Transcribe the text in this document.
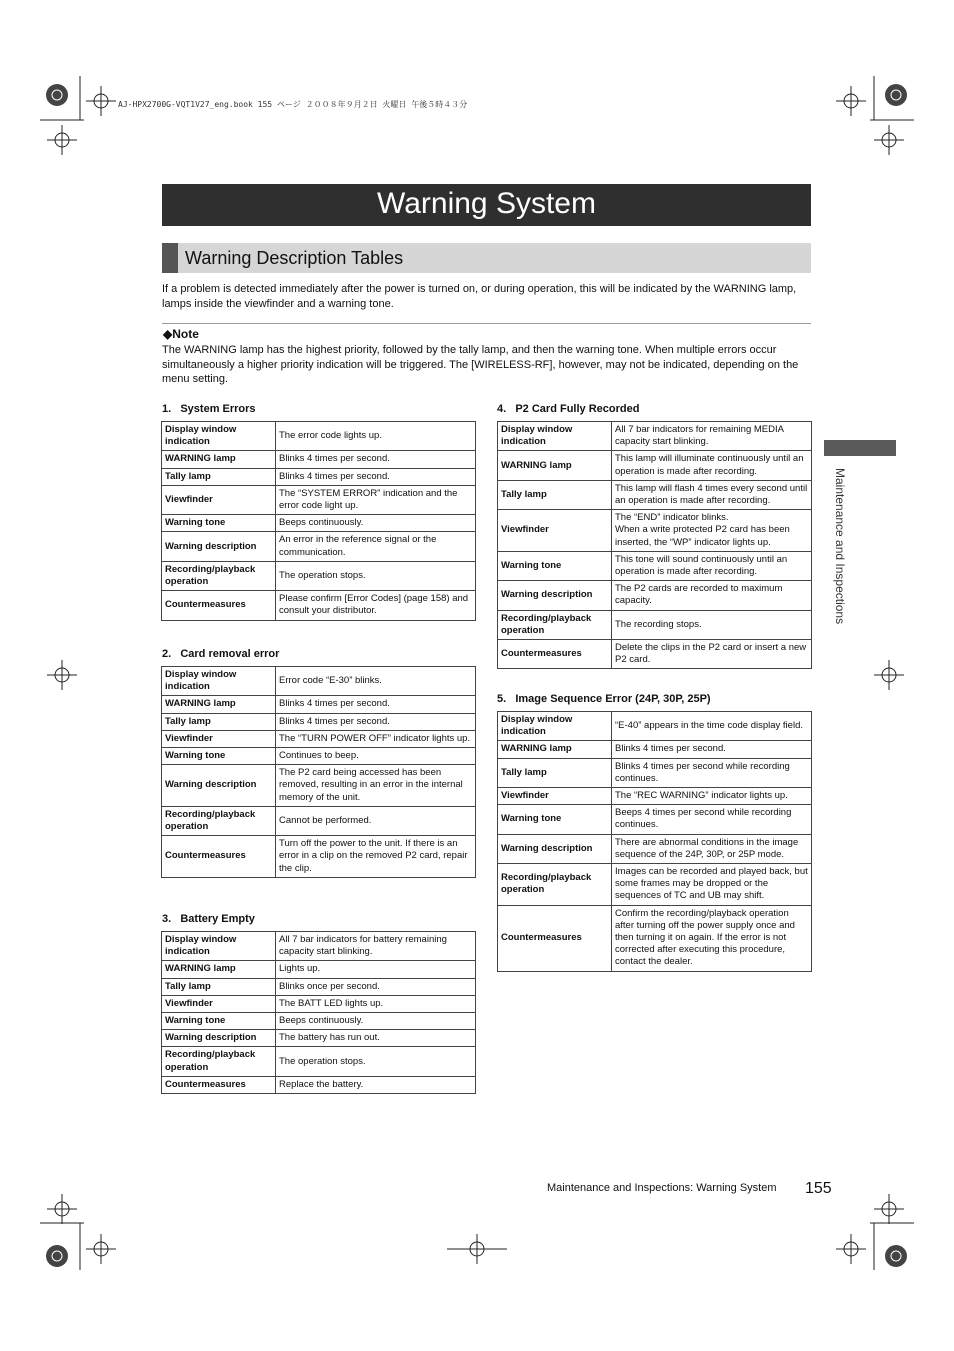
AJ-HPX2700G-VQT1V27_eng.book 155 ページ ２００８年９月２日 火曜日 午後５時４３分
Warning System
Warning Description Tables
If a problem is detected immediately after the power is turned on, or during operation, this will be indicated by the WARNING lamp, lamps inside the viewfinder and a warning tone.
◆Note
The WARNING lamp has the highest priority, followed by the tally lamp, and then the warning tone. When multiple errors occur simultaneously a higher priority indication will be triggered. The [WIRELESS-RF], however, may not be indicated, depending on the menu setting.
1.   System Errors
2.   Card removal error
3.   Battery Empty
4.   P2 Card Fully Recorded
5.   Image Sequence Error (24P, 30P, 25P)
Display window indication	The error code lights up.
WARNING lamp	Blinks 4 times per second.
Tally lamp	Blinks 4 times per second.
Viewfinder	The “SYSTEM ERROR” indication and the error code light up.
Warning tone	Beeps continuously.
Warning description	An error in the reference signal or the communication.
Recording/playback operation	The operation stops.
Countermeasures	Please confirm [Error Codes] (page 158) and consult your distributor.
Display window indication	Error code “E-30” blinks.
WARNING lamp	Blinks 4 times per second.
Tally lamp	Blinks 4 times per second.
Viewfinder	The “TURN POWER OFF” indicator lights up.
Warning tone	Continues to beep.
Warning description	The P2 card being accessed has been removed, resulting in an error in the internal memory of the unit.
Recording/playback operation	Cannot be performed.
Countermeasures	Turn off the power to the unit. If there is an error in a clip on the removed P2 card, repair the clip.
Display window indication	All 7 bar indicators for battery remaining capacity start blinking.
WARNING lamp	Lights up.
Tally lamp	Blinks once per second.
Viewfinder	The BATT LED lights up.
Warning tone	Beeps continuously.
Warning description	The battery has run out.
Recording/playback operation	The operation stops.
Countermeasures	Replace the battery.
Display window indication	All 7 bar indicators for remaining MEDIA capacity start blinking.
WARNING lamp	This lamp will illuminate continuously until an operation is made after recording.
Tally lamp	This lamp will flash 4 times every second until an operation is made after recording.
Viewfinder	The “END” indicator blinks.
When a write protected P2 card has been inserted, the “WP” indicator lights up.
Warning tone	This tone will sound continuously until an operation is made after recording.
Warning description	The P2 cards are recorded to maximum capacity.
Recording/playback operation	The recording stops.
Countermeasures	Delete the clips in the P2 card or insert a new P2 card.
Display window indication	“E-40” appears in the time code display field.
WARNING lamp	Blinks 4 times per second.
Tally lamp	Blinks 4 times per second while recording continues.
Viewfinder	The “REC WARNING” indicator lights up.
Warning tone	Beeps 4 times per second while recording continues.
Warning description	There are abnormal conditions in the image sequence of the 24P, 30P, or 25P mode.
Recording/playback operation	Images can be recorded and played back, but some frames may be dropped or the sequences of TC and UB may shift.
Countermeasures	Confirm the recording/playback operation after turning off the power supply once and then turning it on again. If the error is not corrected after executing this procedure, contact the dealer.
Maintenance and Inspections
Maintenance and Inspections: Warning System 155
